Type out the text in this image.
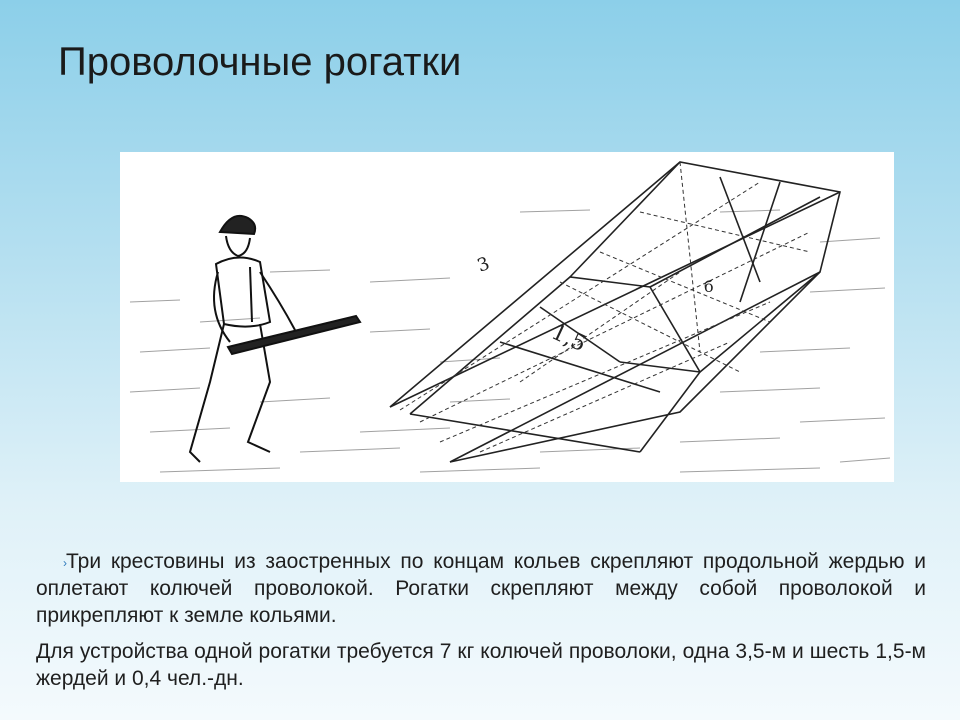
Проволочные рогатки
3
1,5
б

› Три крестовины из заостренных по концам кольев скрепляют продольной жердью и оплетают колючей проволокой. Рогатки скрепляют между собой проволокой и прикрепляют к земле кольями.

Для устройства одной рогатки требуется 7 кг колючей проволоки, одна 3,5-м и шесть 1,5-м жердей и 0,4 чел.-дн.
